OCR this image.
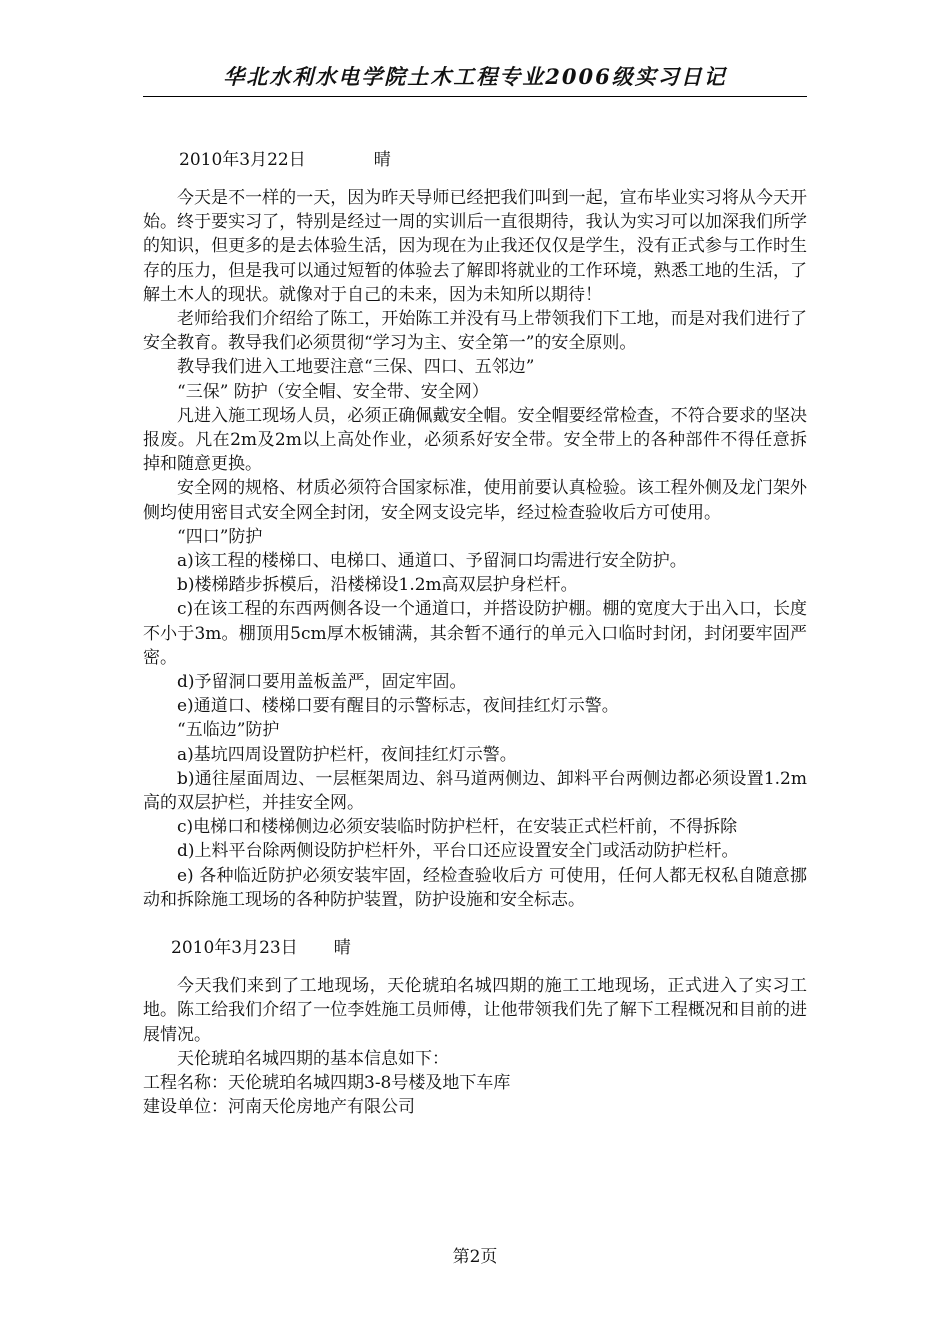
华北水利水电学院土木工程专业2006级实习日记
2010年3月22日	晴

今天是不一样的一天，因为昨天导师已经把我们叫到一起，宣布毕业实习将从今天开始。终于要实习了，特别是经过一周的实训后一直很期待，我认为实习可以加深我们所学的知识，但更多的是去体验生活，因为现在为止我还仅仅是学生，没有正式参与工作时生存的压力，但是我可以通过短暂的体验去了解即将就业的工作环境，熟悉工地的生活，了解土木人的现状。就像对于自己的未来，因为未知所以期待！

老师给我们介绍给了陈工，开始陈工并没有马上带领我们下工地，而是对我们进行了安全教育。教导我们必须贯彻“学习为主、安全第一”的安全原则。

教导我们进入工地要注意“三保、四口、五邻边”

“三保” 防护（安全帽、安全带、安全网）

凡进入施工现场人员，必须正确佩戴安全帽。安全帽要经常检查，不符合要求的坚决报废。凡在2m及2m以上高处作业，必须系好安全带。安全带上的各种部件不得任意拆掉和随意更换。

安全网的规格、材质必须符合国家标准，使用前要认真检验。该工程外侧及龙门架外侧均使用密目式安全网全封闭，安全网支设完毕，经过检查验收后方可使用。

“四口”防护

a)该工程的楼梯口、电梯口、通道口、予留洞口均需进行安全防护。

b)楼梯踏步拆模后，沿楼梯设1.2m高双层护身栏杆。

c)在该工程的东西两侧各设一个通道口，并搭设防护棚。棚的宽度大于出入口，长度不小于3m。棚顶用5cm厚木板铺满，其余暂不通行的单元入口临时封闭，封闭要牢固严密。

d)予留洞口要用盖板盖严，固定牢固。

e)通道口、楼梯口要有醒目的示警标志，夜间挂红灯示警。

“五临边”防护

a)基坑四周设置防护栏杆，夜间挂红灯示警。

b)通往屋面周边、一层框架周边、斜马道两侧边、卸料平台两侧边都必须设置1.2m高的双层护栏，并挂安全网。

c)电梯口和楼梯侧边必须安装临时防护栏杆，在安装正式栏杆前，不得拆除

d)上料平台除两侧设防护栏杆外，平台口还应设置安全门或活动防护栏杆。

e) 各种临近防护必须安装牢固，经检查验收后方 可使用，任何人都无权私自随意挪动和拆除施工现场的各种防护装置，防护设施和安全标志。

2010年3月23日 晴

今天我们来到了工地现场，天伦琥珀名城四期的施工工地现场，正式进入了实习工地。陈工给我们介绍了一位李姓施工员师傅，让他带领我们先了解下工程概况和目前的进展情况。

天伦琥珀名城四期的基本信息如下：

工程名称：天伦琥珀名城四期3-8号楼及地下车库

建设单位：河南天伦房地产有限公司

第2页
